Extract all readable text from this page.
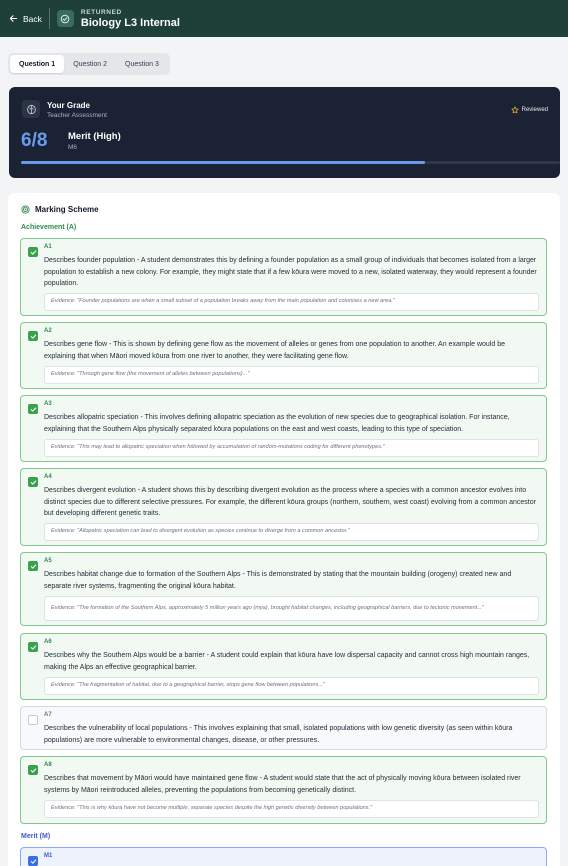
Back
RETURNED
Biology L3 Internal
Question 1	Question 2	Question 3
Your Grade
Teacher Assessment
Reviewed
6/8 Merit (High)
M6
Marking Scheme
Achievement (A)
A1
Describes founder population - A student demonstrates this by defining a founder population as a small group of individuals that becomes isolated from a larger population to establish a new colony. For example, they might state that if a few kōura were moved to a new, isolated waterway, they would represent a founder population.
Evidence: "Founder populations are when a small subset of a population breaks away from the main population and colonises a new area."
A2
Describes gene flow - This is shown by defining gene flow as the movement of alleles or genes from one population to another. An example would be explaining that when Māori moved kōura from one river to another, they were facilitating gene flow.
Evidence: "Through gene flow (the movement of alleles between populations)..."
A3
Describes allopatric speciation - This involves defining allopatric speciation as the evolution of new species due to geographical isolation. For instance, explaining that the Southern Alps physically separated kōura populations on the east and west coasts, leading to this type of speciation.
Evidence: "This may lead to allopatric speciation when followed by accumulation of random-mutations coding for different phenotypes."
A4
Describes divergent evolution - A student shows this by describing divergent evolution as the process where a species with a common ancestor evolves into distinct species due to different selective pressures. For example, the different kōura groups (northern, southern, west coast) evolving from a common ancestor but developing different genetic traits.
Evidence: "Allopatric speciation can lead to divergent evolution as species continue to diverge from a common ancestor."
A5
Describes habitat change due to formation of the Southern Alps - This is demonstrated by stating that the mountain building (orogeny) created new and separate river systems, fragmenting the original kōura habitat.
Evidence: "The formation of the Southern Alps, approximately 5 million years ago (mya), brought habitat changes, including geographical barriers, due to tectonic movement..."
A6
Describes why the Southern Alps would be a barrier - A student could explain that kōura have low dispersal capacity and cannot cross high mountain ranges, making the Alps an effective geographical barrier.
Evidence: "The fragmentation of habitat, due to a geographical barrier, stops gene flow between populations..."
A7
Describes the vulnerability of local populations - This involves explaining that small, isolated populations with low genetic diversity (as seen within kōura populations) are more vulnerable to environmental changes, disease, or other pressures.
A8
Describes that movement by Māori would have maintained gene flow - A student would state that the act of physically moving kōura between isolated river systems by Māori reintroduced alleles, preventing the populations from becoming genetically distinct.
Evidence: "This is why kōura have not become multiple, separate species despite the high genetic diversity between populations."
Merit (M)
M1
